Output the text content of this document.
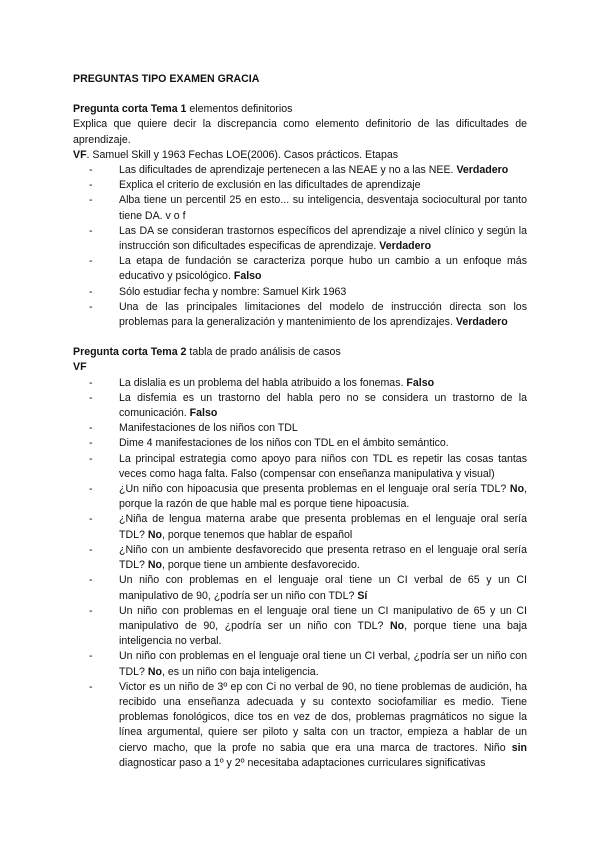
PREGUNTAS TIPO EXAMEN GRACIA

Pregunta corta Tema 1 elementos definitorios

Explica que quiere decir la discrepancia como elemento definitorio de las dificultades de aprendizaje.

VF. Samuel Skill y 1963 Fechas LOE(2006). Casos prácticos. Etapas

- Las dificultades de aprendizaje pertenecen a las NEAE y no a las NEE. Verdadero
- Explica el criterio de exclusión en las dificultades de aprendizaje
- Alba tiene un percentil 25 en esto... su inteligencia, desventaja sociocultural por tanto tiene DA. v o f
- Las DA se consideran trastornos específicos del aprendizaje a nivel clínico y según la instrucción son dificultades especificas de aprendizaje. Verdadero
- La etapa de fundación se caracteriza porque hubo un cambio a un enfoque más educativo y psicológico. Falso
- Sólo estudiar fecha y nombre: Samuel Kirk 1963
- Una de las principales limitaciones del modelo de instrucción directa son los problemas para la generalización y mantenimiento de los aprendizajes. Verdadero

Pregunta corta Tema 2 tabla de prado análisis de casos

VF

- La dislalia es un problema del habla atribuido a los fonemas. Falso
- La disfemia es un trastorno del habla pero no se considera un trastorno de la comunicación. Falso
- Manifestaciones de los niños con TDL
- Dime 4 manifestaciones de los niños con TDL en el ámbito semántico.
- La principal estrategia como apoyo para niños con TDL es repetir las cosas tantas veces como haga falta. Falso (compensar con enseñanza manipulativa y visual)
- ¿Un niño con hipoacusia que presenta problemas en el lenguaje oral sería TDL? No, porque la razón de que hable mal es porque tiene hipoacusia.
- ¿Niña de lengua materna arabe que presenta problemas en el lenguaje oral sería TDL? No, porque tenemos que hablar de español
- ¿Niño con un ambiente desfavorecido que presenta retraso en el lenguaje oral sería TDL? No, porque tiene un ambiente desfavorecido.
- Un niño con problemas en el lenguaje oral tiene un CI verbal de 65 y un CI manipulativo de 90, ¿podría ser un niño con TDL? Sí
- Un niño con problemas en el lenguaje oral tiene un CI manipulativo de 65 y un CI manipulativo de 90, ¿podría ser un niño con TDL? No, porque tiene una baja inteligencia no verbal.
- Un niño con problemas en el lenguaje oral tiene un CI verbal, ¿podría ser un niño con TDL? No, es un niño con baja inteligencia.
- Victor es un niño de 3º ep con Ci no verbal de 90, no tiene problemas de audición, ha recibido una enseñanza adecuada y su contexto sociofamiliar es medio. Tiene problemas fonológicos, dice tos en vez de dos, problemas pragmáticos no sigue la línea argumental, quiere ser piloto y salta con un tractor, empieza a hablar de un ciervo macho, que la profe no sabia que era una marca de tractores. Niño sin diagnosticar paso a 1º y 2º necesitaba adaptaciones curriculares significativas
